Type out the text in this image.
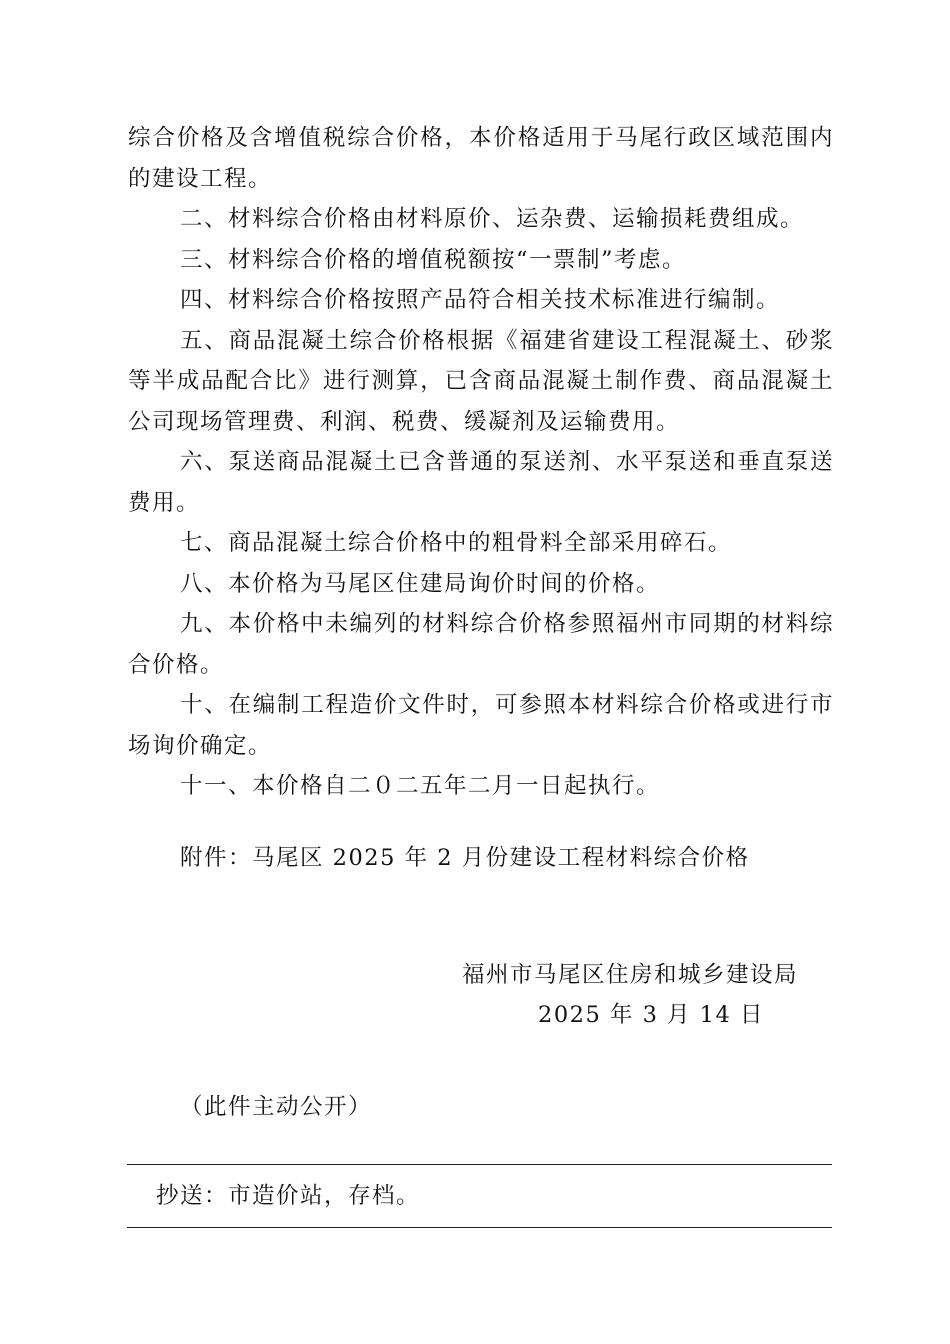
综合价格及含增值税综合价格，本价格适用于马尾行政区域范围内的建设工程。

二、材料综合价格由材料原价、运杂费、运输损耗费组成。

三、材料综合价格的增值税额按“一票制”考虑。

四、材料综合价格按照产品符合相关技术标准进行编制。

五、商品混凝土综合价格根据《福建省建设工程混凝土、砂浆等半成品配合比》进行测算，已含商品混凝土制作费、商品混凝土公司现场管理费、利润、税费、缓凝剂及运输费用。

六、泵送商品混凝土已含普通的泵送剂、水平泵送和垂直泵送费用。

七、商品混凝土综合价格中的粗骨料全部采用碎石。

八、本价格为马尾区住建局询价时间的价格。

九、本价格中未编列的材料综合价格参照福州市同期的材料综合价格。

十、在编制工程造价文件时，可参照本材料综合价格或进行市场询价确定。

十一、本价格自二０二五年二月一日起执行。

附件：马尾区 2025 年 2 月份建设工程材料综合价格
福州市马尾区住房和城乡建设局
2025 年 3 月 14 日
（此件主动公开）
抄送：市造价站，存档。
